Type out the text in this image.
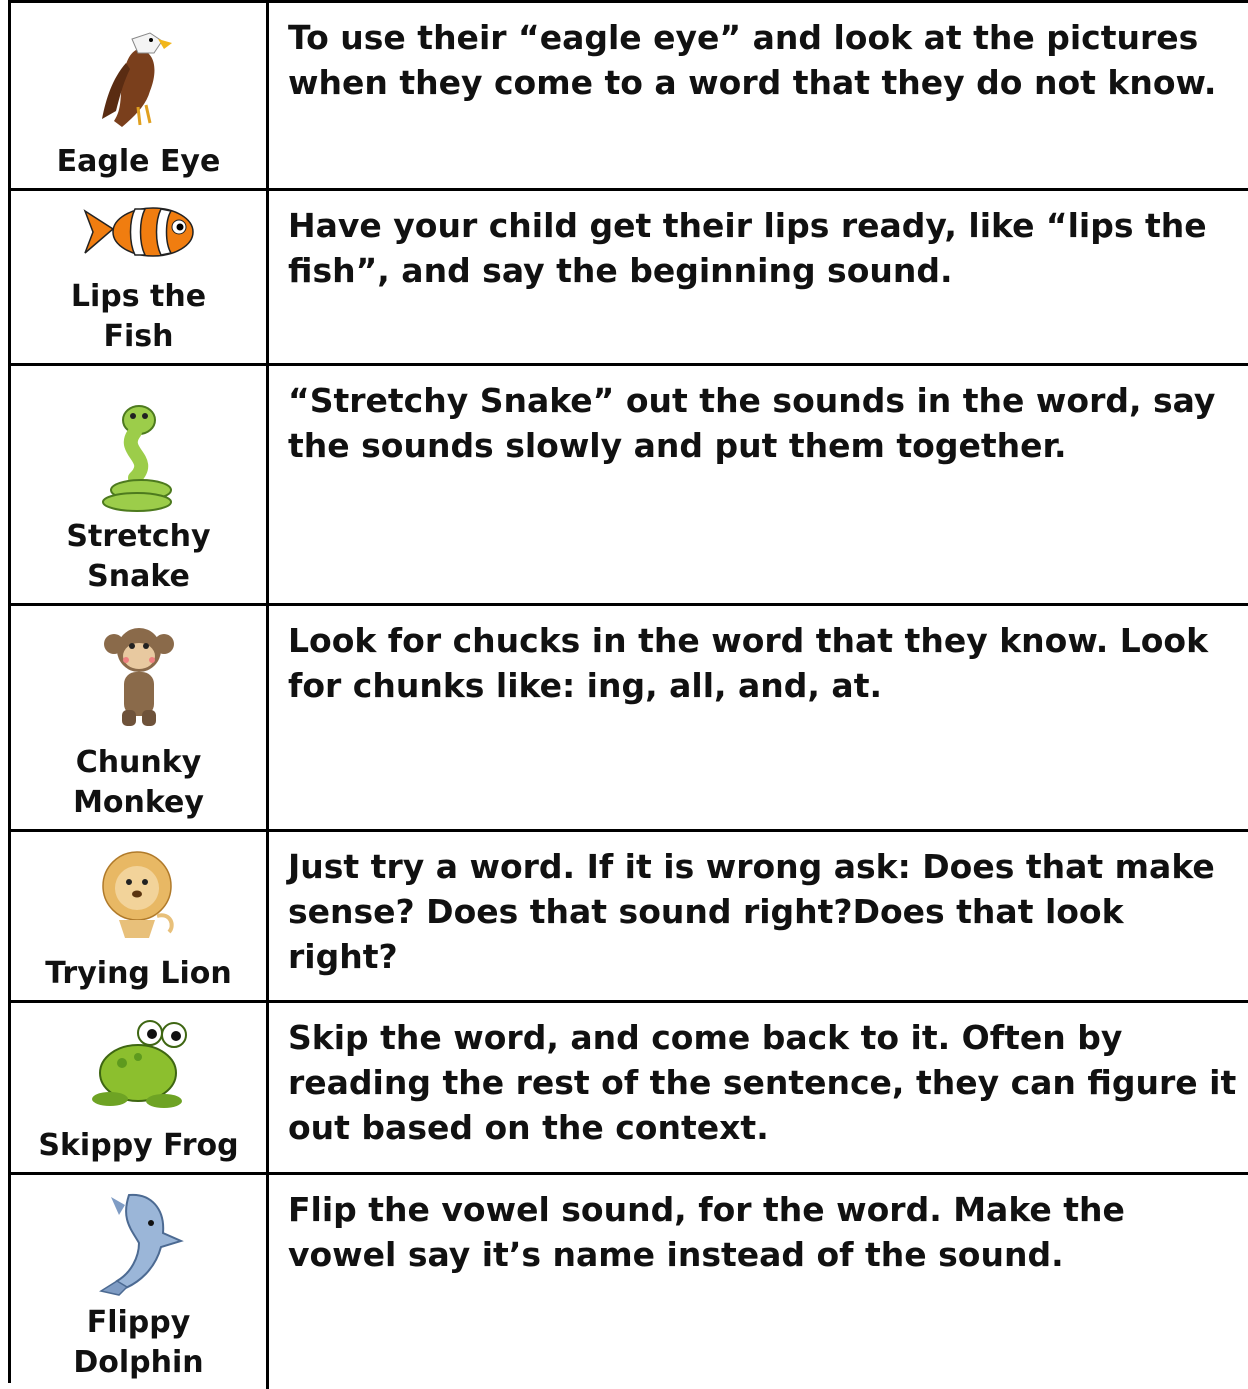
Eagle Eye
To use their “eagle eye” and look at the pictures when they come to a word that they do not know.
Lips the
Fish
Have your child get their lips ready, like “lips the fish”, and say the beginning sound.
Stretchy
Snake
“Stretchy Snake” out the sounds in the word, say the sounds slowly and put them together.
Chunky
Monkey
Look for chucks in the word that they know. Look for chunks like: ing, all, and, at.
Trying Lion
Just try a word. If it is wrong ask: Does that make sense? Does that sound right?Does that look right?
Skippy Frog
Skip the word, and come back to it. Often by reading the rest of the sentence, they can figure it out based on the context.
Flippy
Dolphin
Flip the vowel sound, for the word. Make the vowel say it’s name instead of the sound.
